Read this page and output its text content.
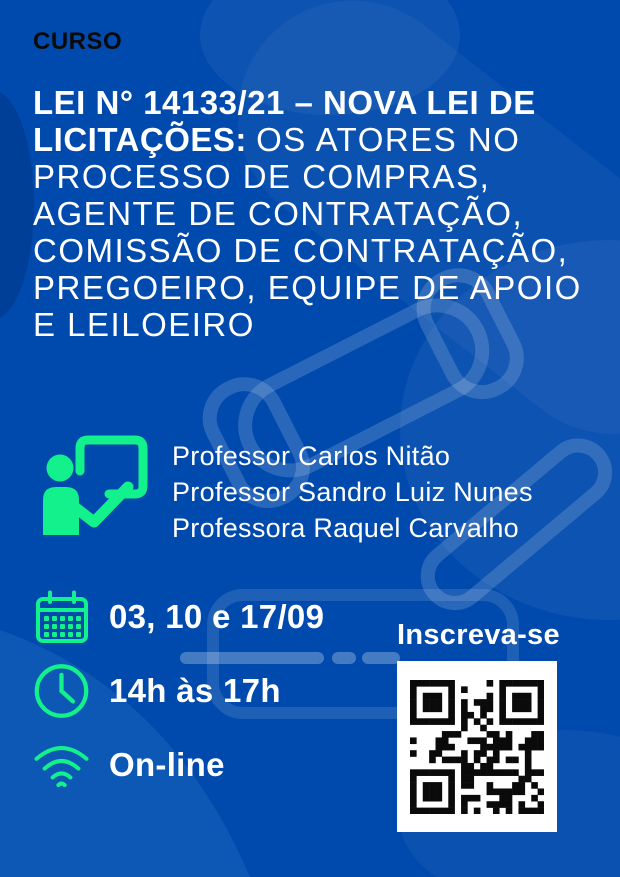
CURSO
LEI N° 14133/21 – NOVA LEI DE
LICITAÇÕES: OS ATORES NO
PROCESSO DE COMPRAS,
AGENTE DE CONTRATAÇÃO,
COMISSÃO DE CONTRATAÇÃO,
PREGOEIRO, EQUIPE DE APOIO
E LEILOEIRO
Professor Carlos Nitão
Professor Sandro Luiz Nunes
Professora Raquel Carvalho
03, 10 e 17/09
14h às 17h
On-line
Inscreva-se
